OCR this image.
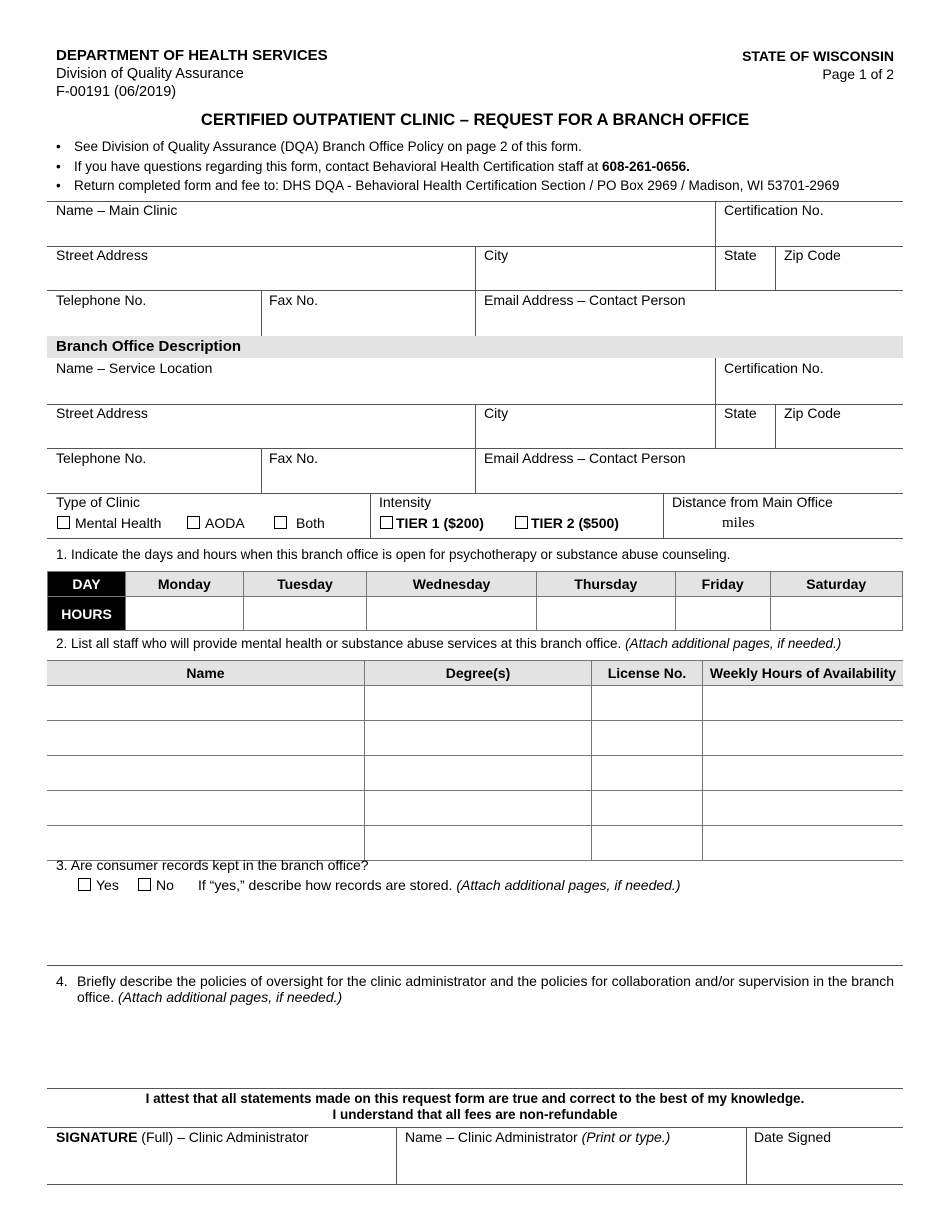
DEPARTMENT OF HEALTH SERVICES
Division of Quality Assurance
F-00191 (06/2019)
STATE OF WISCONSIN
Page 1 of 2
CERTIFIED OUTPATIENT CLINIC – REQUEST FOR A BRANCH OFFICE
• See Division of Quality Assurance (DQA) Branch Office Policy on page 2 of this form.
• If you have questions regarding this form, contact Behavioral Health Certification staff at 608-261-0656.
• Return completed form and fee to: DHS DQA - Behavioral Health Certification Section / PO Box 2969 / Madison, WI 53701-2969
Name – Main Clinic	Certification No.
Street Address	City	State Zip Code
Telephone No.	Fax No.	Email Address – Contact Person
Branch Office Description
Name – Service Location	Certification No.
Street Address	City	State Zip Code
Telephone No.	Fax No.	Email Address – Contact Person
Type of Clinic
Mental Health	AODA	Both
Intensity
TIER 1 ($200)	TIER 2 ($500)
Distance from Main Office
miles
1. Indicate the days and hours when this branch office is open for psychotherapy or substance abuse counseling.
DAY	Monday	Tuesday	Wednesday	Thursday	Friday	Saturday
HOURS						
2. List all staff who will provide mental health or substance abuse services at this branch office. (Attach additional pages, if needed.)
Name	Degree(s)	License No.	Weekly Hours of Availability

3. Are consumer records kept in the branch office?
Yes	No If “yes,” describe how records are stored. (Attach additional pages, if needed.)
4. Briefly describe the policies of oversight for the clinic administrator and the policies for collaboration and/or supervision in the branch office. (Attach additional pages, if needed.)
I attest that all statements made on this request form are true and correct to the best of my knowledge.
I understand that all fees are non-refundable
SIGNATURE (Full) – Clinic Administrator	Name – Clinic Administrator (Print or type.)	Date Signed
